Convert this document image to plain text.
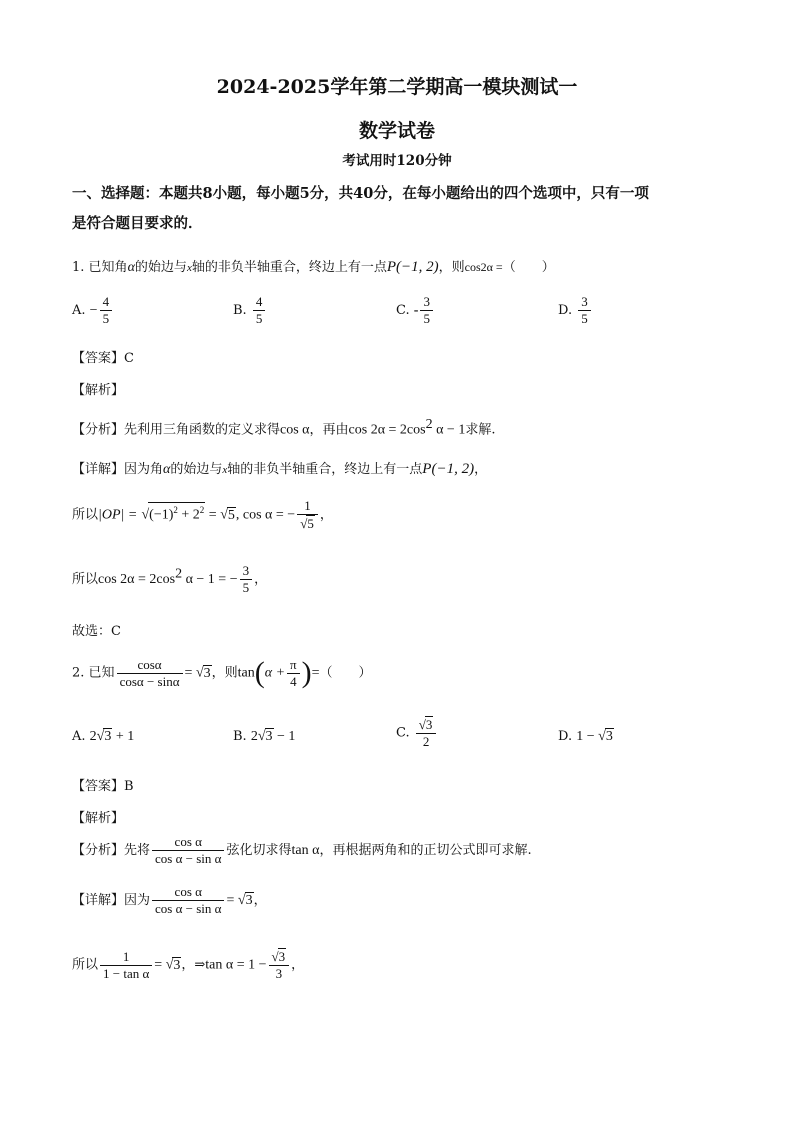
2024-2025学年第二学期高一模块测试一
数学试卷
考试用时120分钟
一、选择题：本题共8小题，每小题5分，共40分，在每小题给出的四个选项中，只有一项
是符合题目要求的．
1. 已知角α的始边与x轴的非负半轴重合，终边上有一点P(−1, 2)，则cos2α =（　　）
A. − $\frac{4}{5}$	B. $\frac{4}{5}$	C. - $\frac{3}{5}$	D. $\frac{3}{5}$
【答案】C
【解析】
【分析】先利用三角函数的定义求得cos α，再由$\cos 2\alpha = 2\cos^2$ α − 1求解.
【详解】因为角α的始边与x轴的非负半轴重合，终边上有一点P(−1, 2)，
所以$|OP| = √(-1)^2 + 2^2 = √5$, cos α = − $\frac{1}{√5}$ ，
所以$\cos 2\alpha = 2\cos^2$ α − 1 = − $\frac{3}{5}$ ，
故选：C
2. 已知 $\frac{\cos\alpha}{\cos\alpha - \sin\alpha} = √3$，则$\tan(\alpha + \frac{\pi}{4}$ )=（　　）
A. 2√3 + 1	B. 2√3 − 1	C. $\frac{√3}{2}$	D. 1 − √3
【答案】B
【解析】
【分析】先将 $\frac{\text{cos α}}{\text{cos α − sin α}}$ 弦化切求得tan α，再根据两角和的正切公式即可求解.
【详解】因为 $\frac{\text{cos α}}{\text{cos α − sin α}} = √3$，
所以 $\frac{1}{\text{1 − tan α}} = √3$，⇒tan $\alpha = 1 - \frac{√3}{3}$ ，
